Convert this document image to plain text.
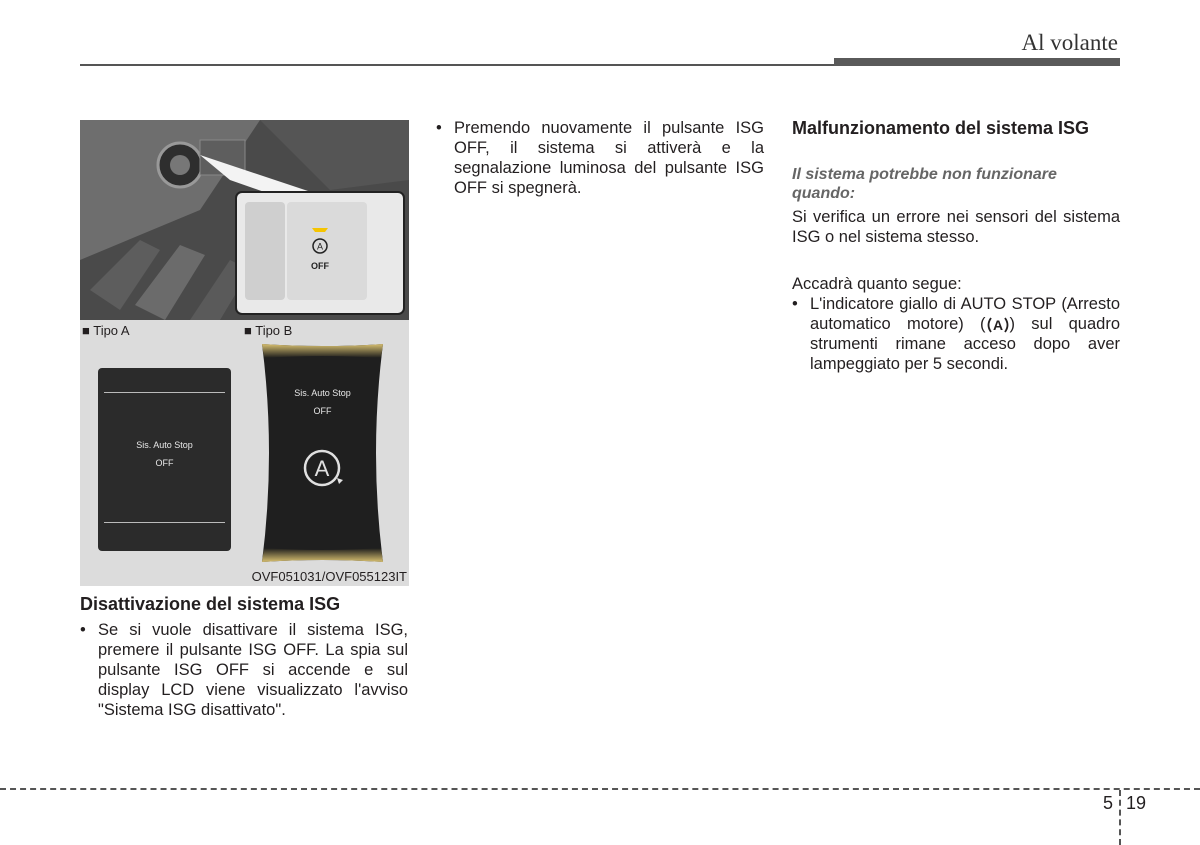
Al volante
A
OFF
■ Tipo A	■ Tipo B
Sis. Auto Stop
OFF	A
Sis. Auto Stop
OFF
OVF051031/OVF055123IT
Disattivazione del sistema ISG
• Se si vuole disattivare il sistema ISG, premere il pulsante ISG OFF. La spia sul pulsante ISG OFF si accende e sul display LCD viene visualizzato l'avviso "Sistema ISG disattivato".
• Premendo nuovamente il pulsante ISG OFF, il sistema si attiverà e la segnalazione luminosa del pulsante ISG OFF si spegnerà.
Malfunzionamento del sistema ISG
Il sistema potrebbe non funzionare quando:
Si verifica un errore nei sensori del sistema ISG o nel sistema stesso.
Accadrà quanto segue:
• L'indicatore giallo di AUTO STOP (Arresto automatico motore) ( A ) sul quadro strumenti rimane acceso dopo aver lampeggiato per 5 secondi.
5 19
